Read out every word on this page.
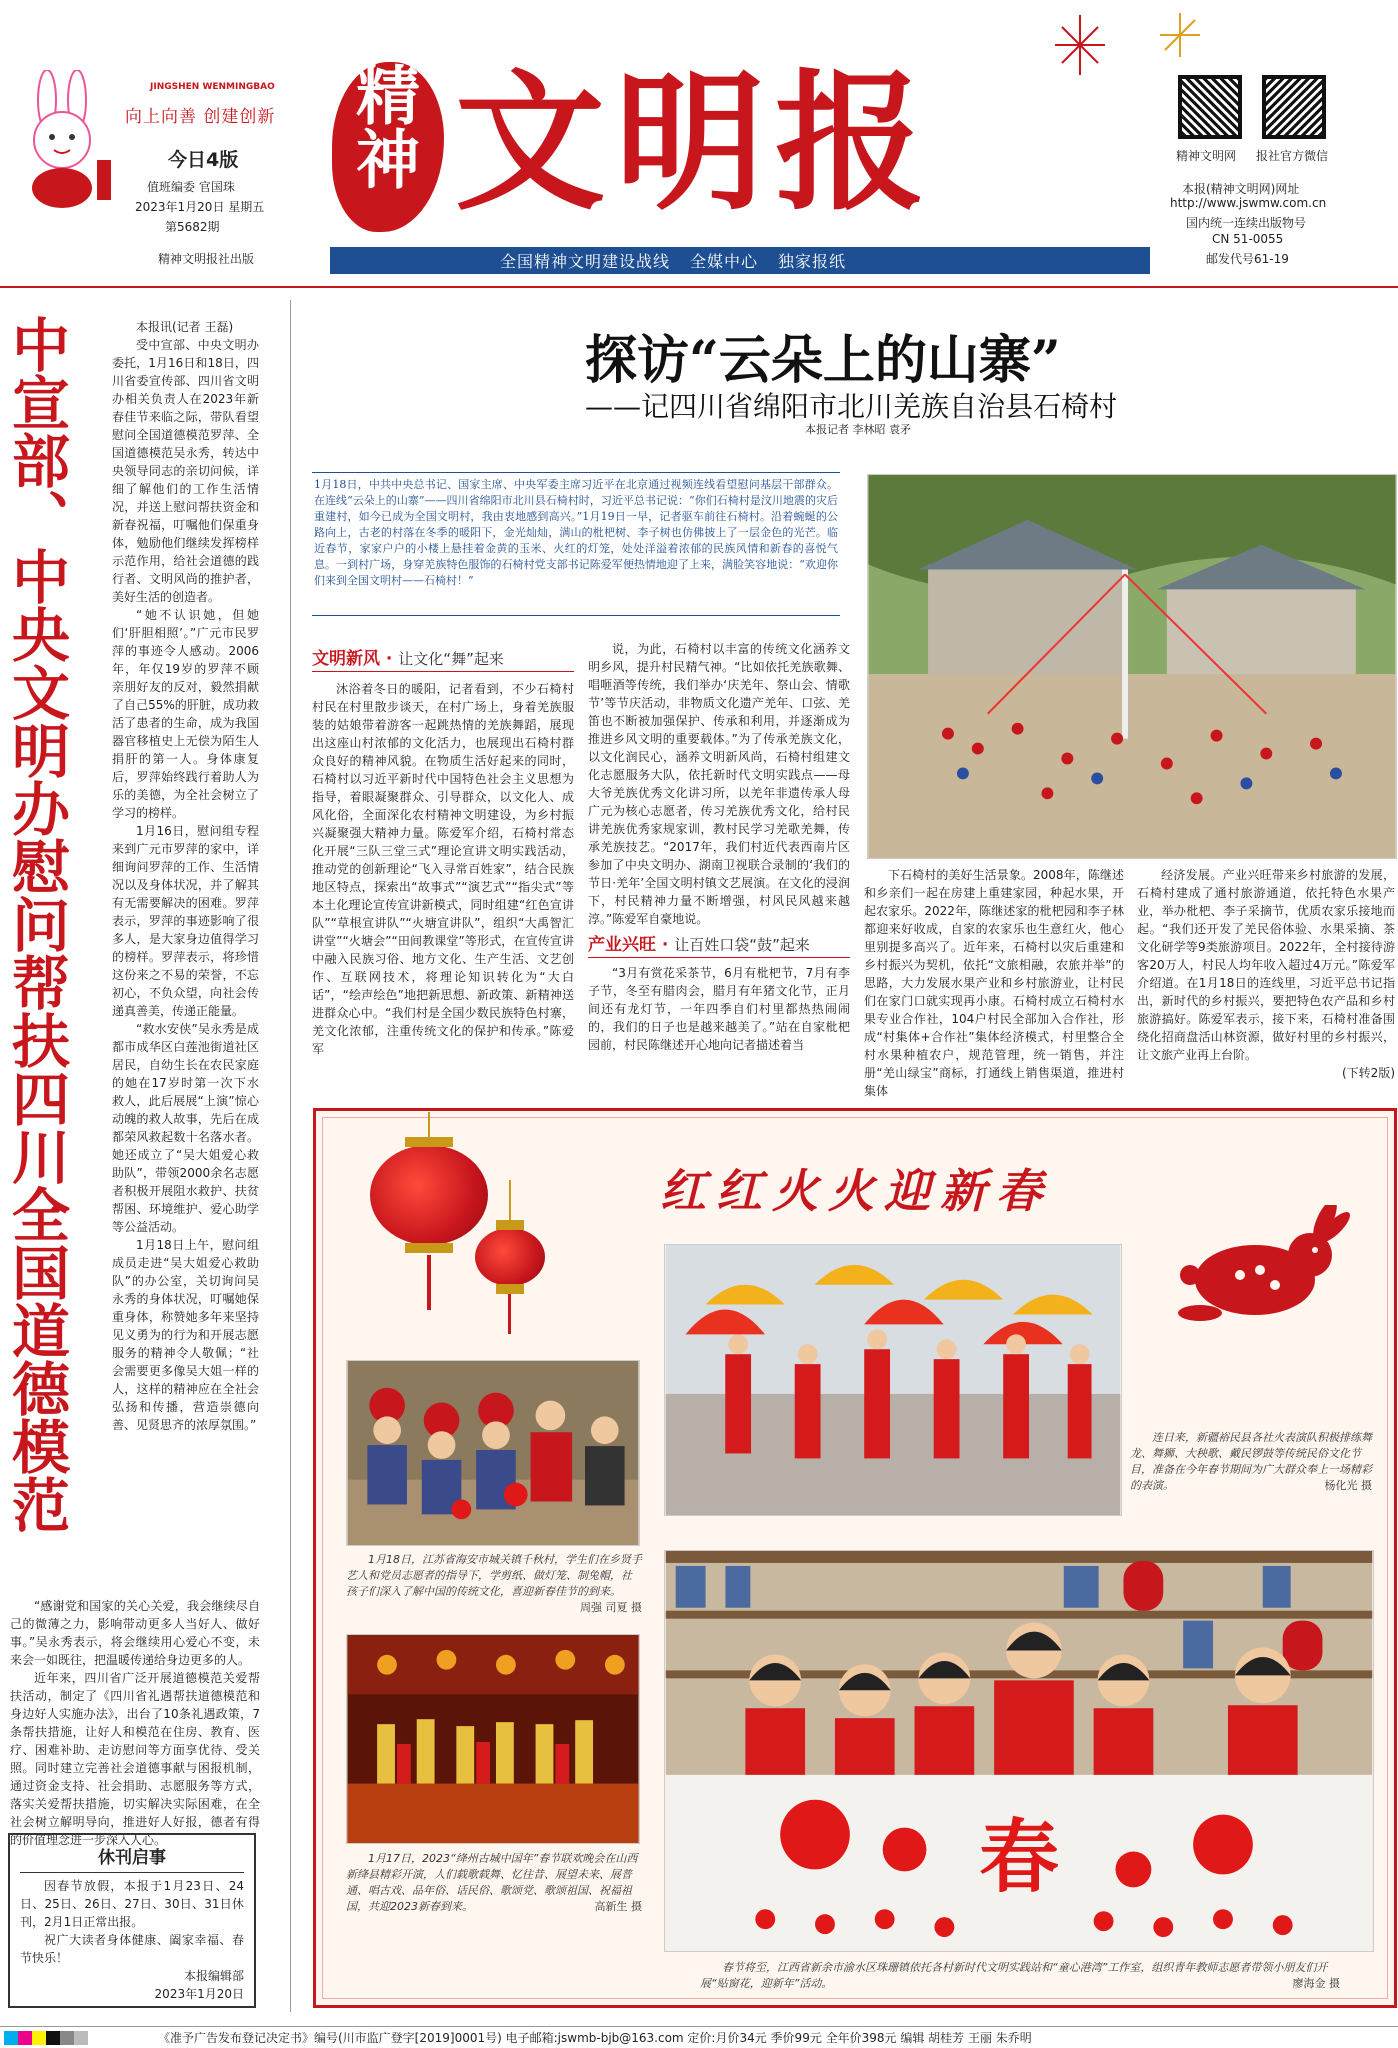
JINGSHEN WENMINGBAO
向上向善 创建创新
今日4版
值班编委 官国珠
2023年1月20日 星期五
第5682期
精神文明报社出版
精神 文明报	精神文明网 报社官方微信
本报(精神文明网)网址
http://www.jswmw.com.cn
国内统一连续出版物号
CN 51-0055
邮发代号61-19
全国精神文明建设战线 全媒中心 独家报纸
中宣部、中央文明办慰问帮扶四川全国道德模范	本报讯(记者 王磊)

受中宣部、中央文明办委托，1月16日和18日，四川省委宣传部、四川省文明办相关负责人在2023年新春佳节来临之际，带队看望慰问全国道德模范罗萍、全国道德模范吴永秀，转达中央领导同志的亲切问候，详细了解他们的工作生活情况，并送上慰问帮扶资金和新春祝福，叮嘱他们保重身体，勉励他们继续发挥榜样示范作用，给社会道德的践行者、文明风尚的推护者，美好生活的创造者。

“她不认识她，但她们‘肝胆相照’。”广元市民罗萍的事迹令人感动。2006年，年仅19岁的罗萍不顾亲朋好友的反对，毅然捐献了自己55%的肝脏，成功救活了患者的生命，成为我国器官移植史上无偿为陌生人捐肝的第一人。身体康复后，罗萍始终践行着助人为乐的美德，为全社会树立了学习的榜样。

1月16日，慰问组专程来到广元市罗萍的家中，详细询问罗萍的工作、生活情况以及身体状况，并了解其有无需要解决的困难。罗萍表示，罗萍的事迹影响了很多人，是大家身边值得学习的榜样。罗萍表示，将珍惜这份来之不易的荣誉，不忘初心，不负众望，向社会传递真善美，传递正能量。

“救水安侠”吴永秀是成都市成华区白莲池街道社区居民，自幼生长在农民家庭的她在17岁时第一次下水救人，此后展展“上演”惊心动魄的救人故事，先后在成都荣风救起数十名落水者。她还成立了“吴大姐爱心救助队”，带领2000余名志愿者积极开展阻水救护、扶贫帮困、环境维护、爱心助学等公益活动。

1月18日上午，慰问组成员走进“吴大姐爱心救助队”的办公室，关切询问吴永秀的身体状况，叮嘱她保重身体，称赞她多年来坚持见义勇为的行为和开展志愿服务的精神令人敬佩；“社会需要更多像吴大姐一样的人，这样的精神应在全社会弘扬和传播，营造崇德向善、见贤思齐的浓厚氛围。”

“感谢党和国家的关心关爱，我会继续尽自己的微薄之力，影响带动更多人当好人、做好事。”吴永秀表示，将会继续用心爱心不变，未来会一如既往，把温暖传递给身边更多的人。

近年来，四川省广泛开展道德模范关爱帮扶活动，制定了《四川省礼遇帮扶道德模范和身边好人实施办法》，出台了10条礼遇政策，7条帮扶措施，让好人和模范在住房、教育、医疗、困难补助、走访慰问等方面享优待、受关照。同时建立完善社会道德事献与困报机制，通过资金支持、社会捐助、志愿服务等方式，落实关爱帮扶措施，切实解决实际困难，在全社会树立解明导向，推进好人好报，德者有得的价值理念进一步深入人心。

休刊启事
因春节放假，本报于1月23日、24日、25日、26日、27日、30日、31日休刊，2月1日正常出报。
祝广大读者身体健康、阖家幸福、春节快乐！
本报编辑部
2023年1月20日
探访“云朵上的山寨”
——记四川省绵阳市北川羌族自治县石椅村
本报记者 李林昭 袁矛
1月18日，中共中央总书记、国家主席、中央军委主席习近平在北京通过视频连线看望慰问基层干部群众。在连线“云朵上的山寨”——四川省绵阳市北川县石椅村时，习近平总书记说：“你们石椅村是汶川地震的灾后重建村，如今已成为全国文明村，我由衷地感到高兴。”1月19日一早，记者驱车前往石椅村。沿着蜿蜒的公路向上，古老的村落在冬季的暖阳下，金光灿灿，满山的枇杷树、李子树也仿佛披上了一层金色的光芒。临近春节，家家户户的小楼上悬挂着金黄的玉米、火红的灯笼，处处洋溢着浓郁的民族风情和新春的喜悦气息。一到村广场，身穿羌族特色服饰的石椅村党支部书记陈爱军便热情地迎了上来，满脸笑容地说：“欢迎你们来到全国文明村——石椅村！”
文明新风 · 让文化“舞”起来

沐浴着冬日的暖阳，记者看到，不少石椅村村民在村里散步谈天，在村广场上，身着羌族服装的姑娘带着游客一起跳热情的羌族舞蹈，展现出这座山村浓郁的文化活力，也展现出石椅村群众良好的精神风貌。在物质生活好起来的同时，石椅村以习近平新时代中国特色社会主义思想为指导，着眼凝聚群众、引导群众，以文化人、成风化俗，全面深化农村精神文明建设，为乡村振兴凝聚强大精神力量。陈爱军介绍，石椅村常态化开展“三队三堂三式”理论宣讲文明实践活动，推动党的创新理论“飞入寻常百姓家”，结合民族地区特点，探索出“故事式”“演艺式”“指尖式”等本土化理论宣传宣讲新模式，同时组建“红色宣讲队”“草根宣讲队”“火塘宣讲队”，组织“大禹智汇讲堂”“火塘会”“田间教课堂”等形式，在宣传宣讲中融入民族习俗、地方文化、生产生活、文艺创作、互联网技术，将理论知识转化为“大白话”，“绘声绘色”地把新思想、新政策、新精神送进群众心中。“我们村是全国少数民族特色村寨，羌文化浓郁，注重传统文化的保护和传承。”陈爱军

说，为此，石椅村以丰富的传统文化涵养文明乡风，提升村民精气神。“比如依托羌族歌舞、唱咂酒等传统，我们举办‘庆羌年、祭山会、情歌节’等节庆活动，非物质文化遗产羌年、口弦、羌笛也不断被加强保护、传承和利用，并逐渐成为推进乡风文明的重要载体。”为了传承羌族文化，以文化润民心，涵养文明新风尚，石椅村组建文化志愿服务大队，依托新时代文明实践点——母大爷羌族优秀文化讲习所，以羌年非遗传承人母广元为核心志愿者，传习羌族优秀文化，给村民讲羌族优秀家规家训，教村民学习羌歌羌舞，传承羌族技艺。“2017年，我们村近代表西南片区参加了中央文明办、湖南卫视联合录制的‘我们的节日·羌年’全国文明村镇文艺展演。在文化的浸润下，村民精神力量不断增强，村风民风越来越淳。”陈爱军自豪地说。

产业兴旺 · 让百姓口袋“鼓”起来

“3月有赏花采茶节，6月有枇杷节，7月有李子节，冬至有腊肉会，腊月有年猪文化节，正月间还有龙灯节，一年四季自们村里都热热闹闹的，我们的日子也是越来越美了。”站在自家枇杷园前，村民陈继述开心地向记者描述着当

下石椅村的美好生活景象。2008年，陈继述和乡亲们一起在房建上重建家园，种起水果，开起农家乐。2022年，陈继述家的枇杷园和李子林都迎来好收成，自家的农家乐也生意红火，他心里别提多高兴了。近年来，石椅村以灾后重建和乡村振兴为契机，依托“文旅相融，农旅并举”的思路，大力发展水果产业和乡村旅游业，让村民们在家门口就实现再小康。石椅村成立石椅村水果专业合作社，104户村民全部加入合作社，形成“村集体+合作社”集体经济模式，村里整合全村水果种植农户，规范管理，统一销售，并注册“羌山绿宝”商标，打通线上销售渠道，推进村集体

经济发展。产业兴旺带来乡村旅游的发展，石椅村建成了通村旅游通道，依托特色水果产业，举办枇杷、李子采摘节，优质农家乐接地而起。“我们还开发了羌民俗体验、水果采摘、茶文化研学等9类旅游项目。2022年，全村接待游客20万人，村民人均年收入超过4万元。”陈爱军介绍道。在1月18日的连线里，习近平总书记指出，新时代的乡村振兴，要把特色农产品和乡村旅游搞好。陈爱军表示，接下来，石椅村准备围绕化招商盘活山林资源，做好村里的乡村振兴，让文旅产业再上台阶。

(下转2版)
红红火火迎新春
连日来，新疆裕民县各社火表演队积极排练舞龙、舞狮、大秧歌、戴民锣鼓等传统民俗文化节目，准备在今年春节期间为广大群众奉上一场精彩的表演。	杨化光 摄
1月18日，江苏省海安市城关镇千秋村，学生们在乡贤手艺人和党员志愿者的指导下，学剪纸、做灯笼、制兔帽，社孩子们深入了解中国的传统文化，喜迎新春佳节的到来。
周强 司夏 摄
1月17日，2023“绛州古城中国年”春节联欢晚会在山西新绛县精彩开演，人们载歌载舞、忆往昔、展望未来、展普通、唱古戏、品年俗、话民俗、歌颂党、歌颂祖国、祝福祖国，共迎2023新春到来。	高新生 摄
春
春节将至，江西省新余市渝水区珠珊镇依托各村新时代文明实践站和“童心港湾”工作室，组织青年教师志愿者带领小朋友们开展“贴窗花，迎新年”活动。	廖海金 摄
《准予广告发布登记决定书》编号(川市监广登字[2019]0001号) 电子邮箱:jswmb-bjb@163.com 定价:月价34元 季价99元 全年价398元 编辑 胡桂芳 王丽 朱乔明
